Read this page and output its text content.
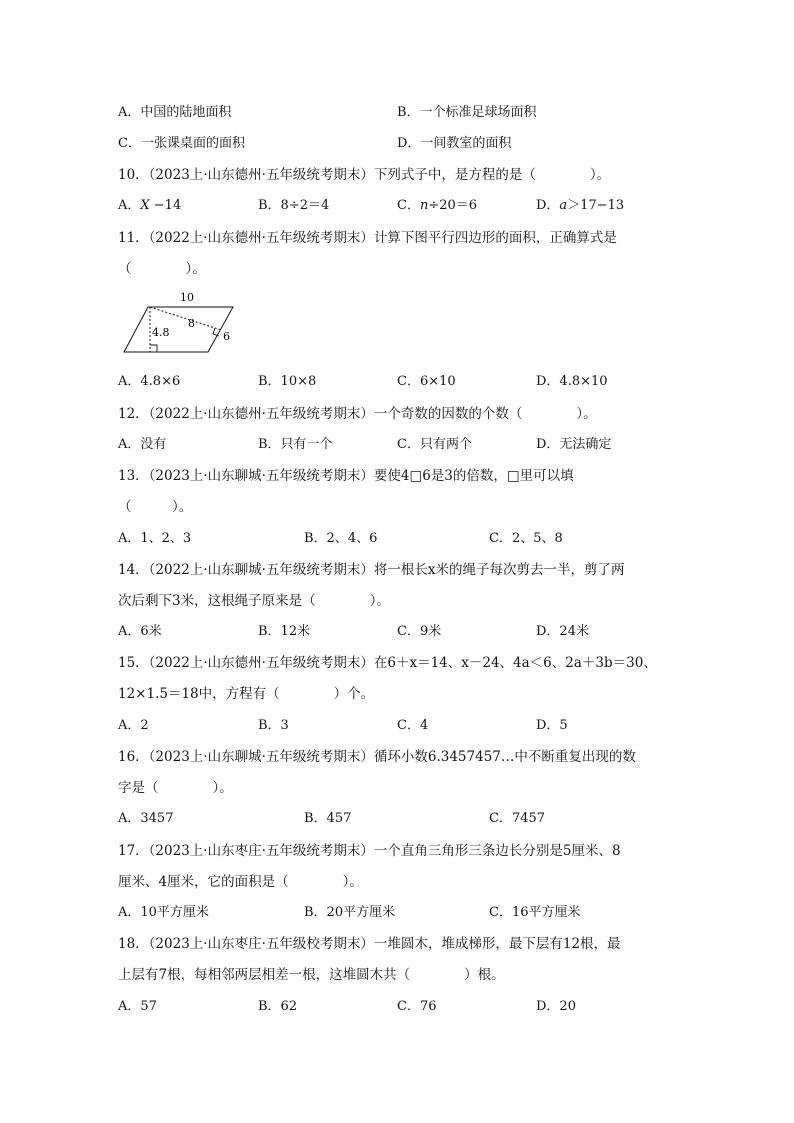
A．中国的陆地面积	B．一个标准足球场面积
C．一张课桌面的面积	D．一间教室的面积
10．（2023上·山东德州·五年级统考期末）下列式子中，是方程的是（　　　　）。
A．𝑋 −14	B．8÷2＝4	C．𝑛÷20＝6	D．𝑎＞17−13
11．（2022上·山东德州·五年级统考期末）计算下图平行四边形的面积，正确算式是
（　　　　）。
10
4.8
8
6
A．4.8×6	B．10×8	C．6×10	D．4.8×10
12．（2022上·山东德州·五年级统考期末）一个奇数的因数的个数（　　　　）。
A．没有	B．只有一个	C．只有两个	D．无法确定
13．（2023上·山东聊城·五年级统考期末）要使4□6是3的倍数，□里可以填
（　　　）。
A．1、2、3	B．2、4、6	C．2、5、8
14．（2022上·山东聊城·五年级统考期末）将一根长x米的绳子每次剪去一半，剪了两
次后剩下3米，这根绳子原来是（　　　　）。
A．6米	B．12米	C．9米	D．24米
15．（2022上·山东德州·五年级统考期末）在6＋x＝14、x－24、4a＜6、2a＋3b＝30、
12×1.5＝18中，方程有（　　　　）个。
A．2	B．3	C．4	D．5
16．（2023上·山东聊城·五年级统考期末）循环小数6.3457457…中不断重复出现的数
字是（　　　　）。
A．3457	B．457	C．7457
17．（2023上·山东枣庄·五年级统考期末）一个直角三角形三条边长分别是5厘米、8
厘米、4厘米，它的面积是（　　　　）。
A．10平方厘米	B．20平方厘米	C．16平方厘米
18．（2023上·山东枣庄·五年级校考期末）一堆圆木，堆成梯形，最下层有12根，最
上层有7根，每相邻两层相差一根，这堆圆木共（　　　　）根。
A．57	B．62	C．76	D．20
